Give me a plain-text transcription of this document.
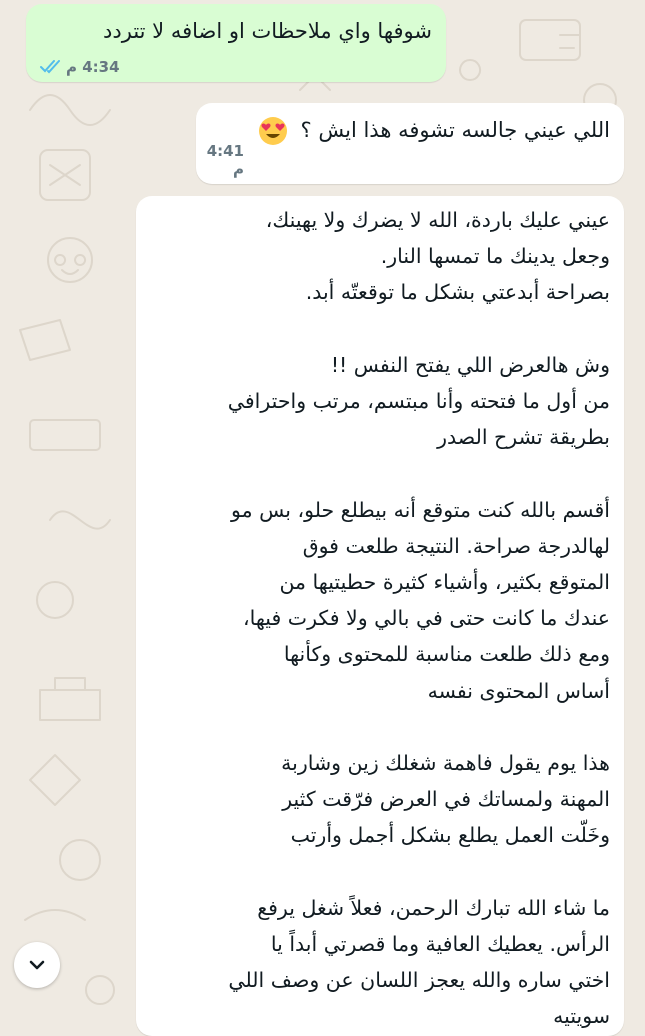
شوفها واي ملاحظات او اضافه لا تتردد

4:34 م

اللي عيني جالسه تشوفه هذا ايش ؟

4:41 م

عيني عليك باردة، الله لا يضرك ولا يهينك،
وجعل يدينك ما تمسها النار.
بصراحة أبدعتي بشكل ما توقعتّه أبد.

وش هالعرض اللي يفتح النفس !!
من أول ما فتحته وأنا مبتسم، مرتب واحترافي
بطريقة تشرح الصدر

أقسم بالله كنت متوقع أنه بيطلع حلو، بس مو
لهالدرجة صراحة. النتيجة طلعت فوق
المتوقع بكثير، وأشياء كثيرة حطيتيها من
عندك ما كانت حتى في بالي ولا فكرت فيها،
ومع ذلك طلعت مناسبة للمحتوى وكأنها
أساس المحتوى نفسه

هذا يوم يقول فاهمة شغلك زين وشاربة
المهنة ولمساتك في العرض فرّقت كثير
وخَلّت العمل يطلع بشكل أجمل وأرتب

ما شاء الله تبارك الرحمن، فعلاً شغل يرفع
الرأس. يعطيك العافية وما قصرتي أبداً يا
اختي ساره والله يعجز اللسان عن وصف اللي
سويتيه
